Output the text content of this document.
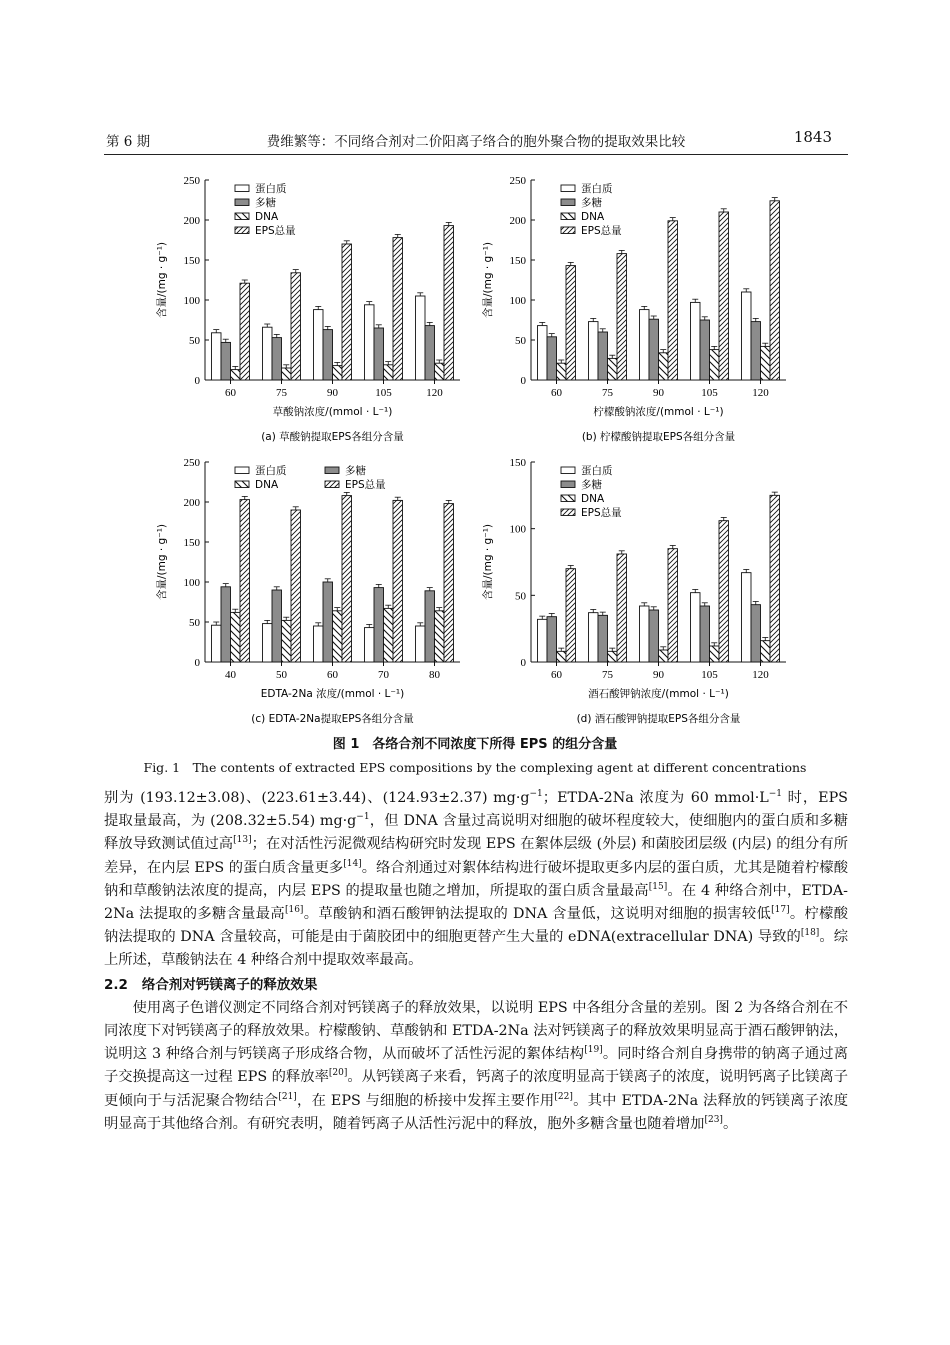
第 6 期	费维繁等：不同络合剂对二价阳离子络合的胞外聚合物的提取效果比较	1843
0
50
100
150
200
250
含量/(mg · g⁻¹)
60	75	90	105	120
草酸钠浓度/(mmol · L⁻¹)
(a) 草酸钠提取EPS各组分含量
蛋白质
多糖
DNA
EPS总量
0
50
100
150
200
250
含量/(mg · g⁻¹)
60	75	90	105	120
柠檬酸钠浓度/(mmol · L⁻¹)
(b) 柠檬酸钠提取EPS各组分含量
蛋白质
多糖
DNA
EPS总量
0
50
100
150
200
250
含量/(mg · g⁻¹)
40	50	60	70	80
EDTA-2Na 浓度/(mmol · L⁻¹)
(c) EDTA-2Na提取EPS各组分含量
蛋白质	多糖
DNA	EPS总量
0
50
100
150
含量/(mg · g⁻¹)
60	75	90	105	120
酒石酸钾钠浓度/(mmol · L⁻¹)
(d) 酒石酸钾钠提取EPS各组分含量
蛋白质
多糖
DNA
EPS总量
图 1　各络合剂不同浓度下所得 EPS 的组分含量
Fig. 1　The contents of extracted EPS compositions by the complexing agent at different concentrations

别为 (193.12±3.08)、(223.61±3.44)、(124.93±2.37) $mg\cdot g^{-1}$；ETDA-2Na 浓度为 60 $mmol\cdot L^{-1}$ 时，EPS 提取量最高，为 (208.32±5.54) $mg\cdot g^{-1}$，但 DNA 含量过高说明对细胞的破坏程度较大，使细胞内的蛋白质和多糖释放导致测试值过高[13]；在对活性污泥微观结构研究时发现 EPS 在絮体层级 (外层) 和菌胶团层级 (内层) 的组分有所差异，在内层 EPS 的蛋白质含量更多[14]。络合剂通过对絮体结构进行破坏提取更多内层的蛋白质，尤其是随着柠檬酸钠和草酸钠法浓度的提高，内层 EPS 的提取量也随之增加，所提取的蛋白质含量最高[15]。在 4 种络合剂中，ETDA-2Na 法提取的多糖含量最高[16]。草酸钠和酒石酸钾钠法提取的 DNA 含量低，这说明对细胞的损害较低[17]。柠檬酸钠法提取的 DNA 含量较高，可能是由于菌胶团中的细胞更替产生大量的 eDNA(extracellular DNA) 导致的[18]。综上所述，草酸钠法在 4 种络合剂中提取效率最高。

2.2 络合剂对钙镁离子的释放效果

使用离子色谱仪测定不同络合剂对钙镁离子的释放效果，以说明 EPS 中各组分含量的差别。图 2 为各络合剂在不同浓度下对钙镁离子的释放效果。柠檬酸钠、草酸钠和 ETDA-2Na 法对钙镁离子的释放效果明显高于酒石酸钾钠法，说明这 3 种络合剂与钙镁离子形成络合物，从而破坏了活性污泥的絮体结构[19]。同时络合剂自身携带的钠离子通过离子交换提高这一过程 EPS 的释放率[20]。从钙镁离子来看，钙离子的浓度明显高于镁离子的浓度，说明钙离子比镁离子更倾向于与活泥聚合物结合[21]，在 EPS 与细胞的桥接中发挥主要作用[22]。其中 ETDA-2Na 法释放的钙镁离子浓度明显高于其他络合剂。有研究表明，随着钙离子从活性污泥中的释放，胞外多糖含量也随着增加[23]。
